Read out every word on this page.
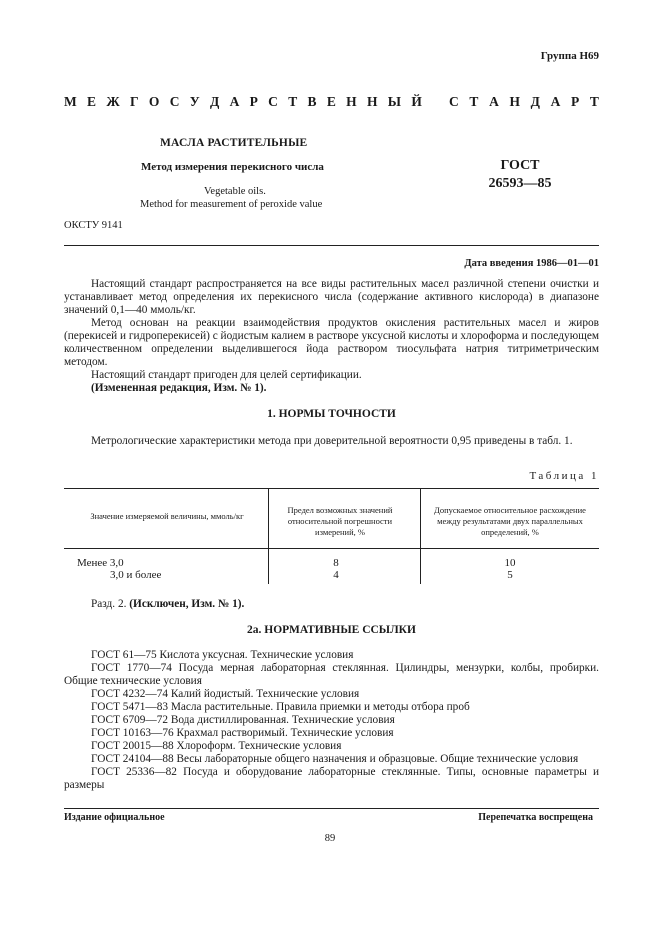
Группа Н69
М Е Ж Г О С У Д А Р С Т В Е Н Н Ы Й С Т А Н Д А Р Т
МАСЛА РАСТИТЕЛЬНЫЕ
Метод измерения перекисного числа
Vegetable oils.
Method for measurement of peroxide value
ГОСТ
26593—85
ОКСТУ 9141
Дата введения 1986—01—01

Настоящий стандарт распространяется на все виды растительных масел различной степени очистки и устанавливает метод определения их перекисного числа (содержание активного кислорода) в диапазоне значений 0,1—40 ммоль/кг.

Метод основан на реакции взаимодействия продуктов окисления растительных масел и жиров (перекисей и гидроперекисей) с йодистым калием в растворе уксусной кислоты и хлороформа и последующем количественном определении выделившегося йода раствором тиосульфата натрия титриметрическим методом.

Настоящий стандарт пригоден для целей сертификации.

(Измененная редакция, Изм. № 1).

1. НОРМЫ ТОЧНОСТИ

Метрологические характеристики метода при доверительной вероятности 0,95 приведены в табл. 1.

Таблица 1
Значение измеряемой величины, ммоль/кг
Предел возможных значений относительной погрешности измерений, %
Допускаемое относительное расхождение между результатами двух параллельных определений, %
Менее 3,0	8	10
3,0 и более	4	5
Разд. 2. (Исключен, Изм. № 1).
2а. НОРМАТИВНЫЕ ССЫЛКИ

ГОСТ 61—75 Кислота уксусная. Технические условия

ГОСТ 1770—74 Посуда мерная лабораторная стеклянная. Цилиндры, мензурки, колбы, пробирки. Общие технические условия

ГОСТ 4232—74 Калий йодистый. Технические условия

ГОСТ 5471—83 Масла растительные. Правила приемки и методы отбора проб

ГОСТ 6709—72 Вода дистиллированная. Технические условия

ГОСТ 10163—76 Крахмал растворимый. Технические условия

ГОСТ 20015—88 Хлороформ. Технические условия

ГОСТ 24104—88 Весы лабораторные общего назначения и образцовые. Общие технические условия

ГОСТ 25336—82 Посуда и оборудование лабораторные стеклянные. Типы, основные параметры и размеры

Издание официальное	Перепечатка воспрещена
89
